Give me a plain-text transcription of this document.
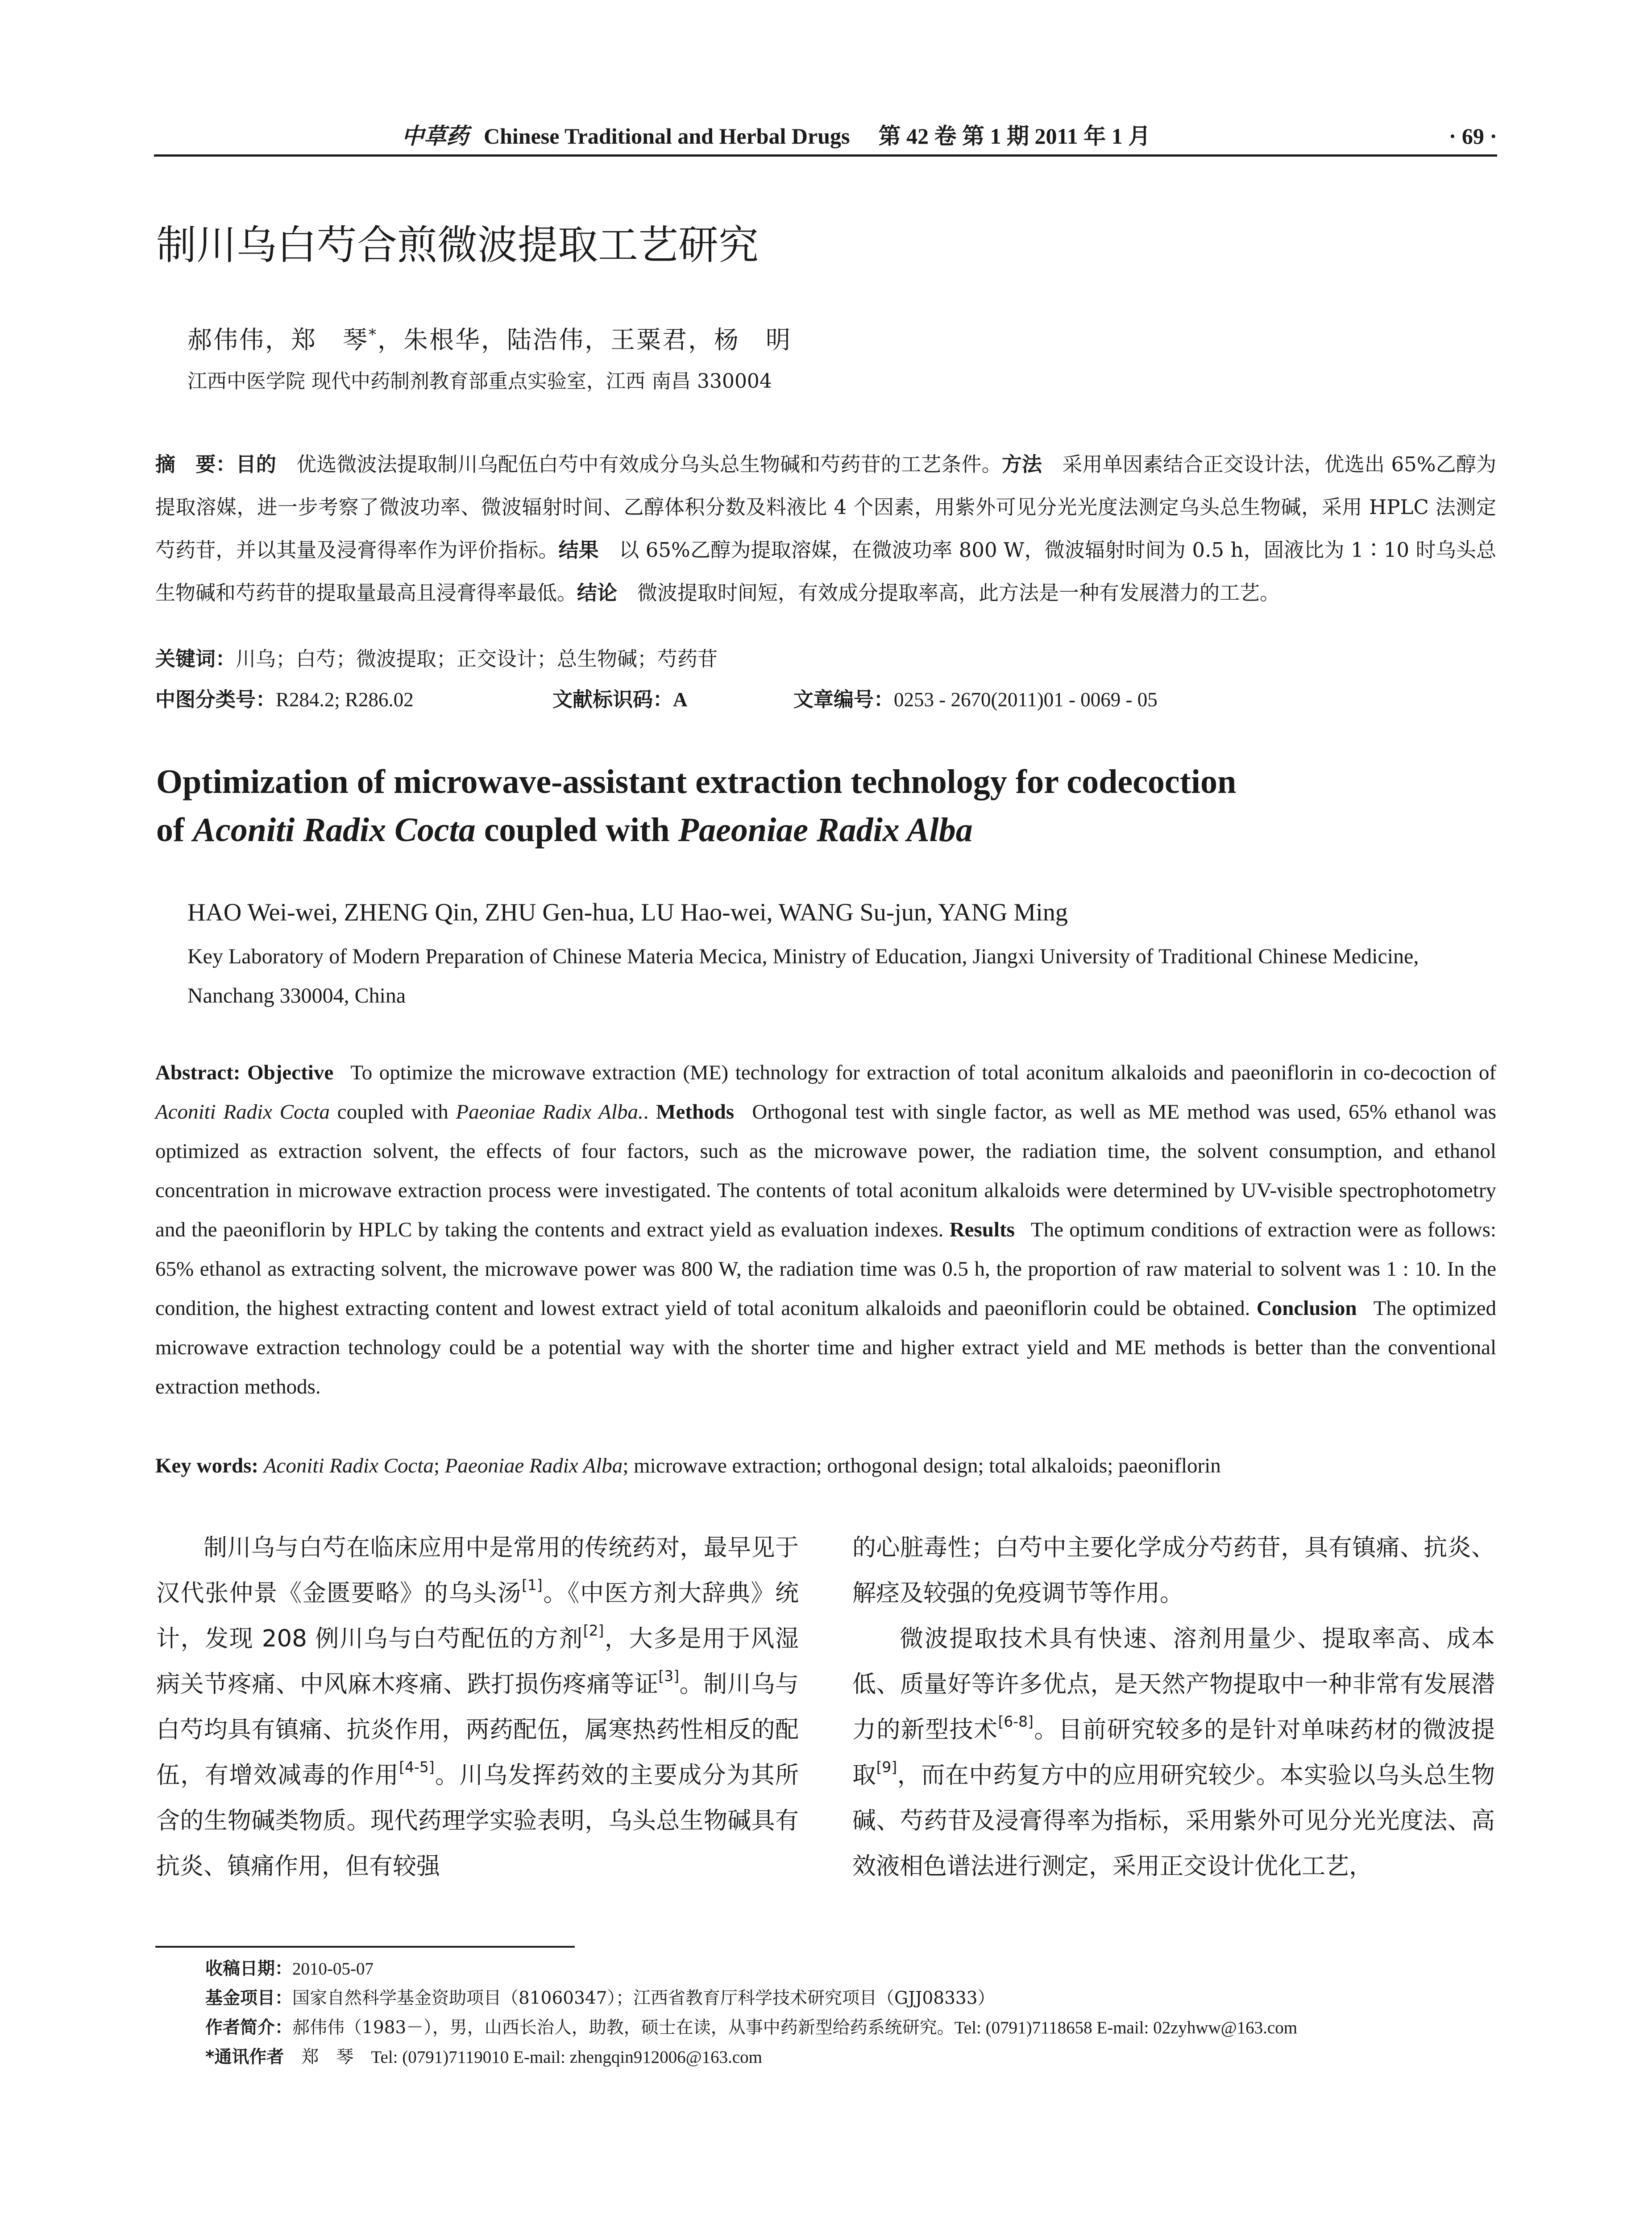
中草药 Chinese Traditional and Herbal Drugs 第 42 卷 第 1 期 2011 年 1 月	· 69 ·
制川乌白芍合煎微波提取工艺研究
郝伟伟，郑　琴*，朱根华，陆浩伟，王粟君，杨　明
江西中医学院 现代中药制剂教育部重点实验室，江西 南昌 330004
摘　要：目的  优选微波法提取制川乌配伍白芍中有效成分乌头总生物碱和芍药苷的工艺条件。方法  采用单因素结合正交设计法，优选出 65%乙醇为提取溶媒，进一步考察了微波功率、微波辐射时间、乙醇体积分数及料液比 4 个因素，用紫外可见分光光度法测定乌头总生物碱，采用 HPLC 法测定芍药苷，并以其量及浸膏得率作为评价指标。结果  以 65%乙醇为提取溶媒，在微波功率 800 W，微波辐射时间为 0.5 h，固液比为 1∶10 时乌头总生物碱和芍药苷的提取量最高且浸膏得率最低。结论  微波提取时间短，有效成分提取率高，此方法是一种有发展潜力的工艺。
关键词：川乌；白芍；微波提取；正交设计；总生物碱；芍药苷
中图分类号：R284.2; R286.02	文献标识码：A	文章编号：0253 - 2670(2011)01 - 0069 - 05
Optimization of microwave-assistant extraction technology for codecoction
of Aconiti Radix Cocta coupled with Paeoniae Radix Alba
HAO Wei-wei, ZHENG Qin, ZHU Gen-hua, LU Hao-wei, WANG Su-jun, YANG Ming
Key Laboratory of Modern Preparation of Chinese Materia Mecica, Ministry of Education, Jiangxi University of Traditional Chinese Medicine, Nanchang 330004, China
Abstract: Objective  To optimize the microwave extraction (ME) technology for extraction of total aconitum alkaloids and paeoniflorin in co-decoction of Aconiti Radix Cocta coupled with Paeoniae Radix Alba.. Methods  Orthogonal test with single factor, as well as ME method was used, 65% ethanol was optimized as extraction solvent, the effects of four factors, such as the microwave power, the radiation time, the solvent consumption, and ethanol concentration in microwave extraction process were investigated. The contents of total aconitum alkaloids were determined by UV-visible spectrophotometry and the paeoniflorin by HPLC by taking the contents and extract yield as evaluation indexes. Results  The optimum conditions of extraction were as follows: 65% ethanol as extracting solvent, the microwave power was 800 W, the radiation time was 0.5 h, the proportion of raw material to solvent was 1 : 10. In the condition, the highest extracting content and lowest extract yield of total aconitum alkaloids and paeoniflorin could be obtained. Conclusion  The optimized microwave extraction technology could be a potential way with the shorter time and higher extract yield and ME methods is better than the conventional extraction methods.
Key words: Aconiti Radix Cocta; Paeoniae Radix Alba; microwave extraction; orthogonal design; total alkaloids; paeoniflorin

制川乌与白芍在临床应用中是常用的传统药对，最早见于汉代张仲景《金匮要略》的乌头汤[1]。《中医方剂大辞典》统计，发现 208 例川乌与白芍配伍的方剂[2]，大多是用于风湿病关节疼痛、中风麻木疼痛、跌打损伤疼痛等证[3]。制川乌与白芍均具有镇痛、抗炎作用，两药配伍，属寒热药性相反的配伍，有增效减毒的作用[4-5]。川乌发挥药效的主要成分为其所含的生物碱类物质。现代药理学实验表明，乌头总生物碱具有抗炎、镇痛作用，但有较强

的心脏毒性；白芍中主要化学成分芍药苷，具有镇痛、抗炎、解痉及较强的免疫调节等作用。

微波提取技术具有快速、溶剂用量少、提取率高、成本低、质量好等许多优点，是天然产物提取中一种非常有发展潜力的新型技术[6-8]。目前研究较多的是针对单味药材的微波提取[9]，而在中药复方中的应用研究较少。本实验以乌头总生物碱、芍药苷及浸膏得率为指标，采用紫外可见分光光度法、高效液相色谱法进行测定，采用正交设计优化工艺，

收稿日期：2010-05-07
基金项目：国家自然科学基金资助项目（81060347）；江西省教育厅科学技术研究项目（GJJ08333）
作者简介：郝伟伟（1983－），男，山西长治人，助教，硕士在读，从事中药新型给药系统研究。Tel: (0791)7118658 E-mail: 02zyhww@163.com
*通讯作者  郑　琴  Tel: (0791)7119010 E-mail: zhengqin912006@163.com
